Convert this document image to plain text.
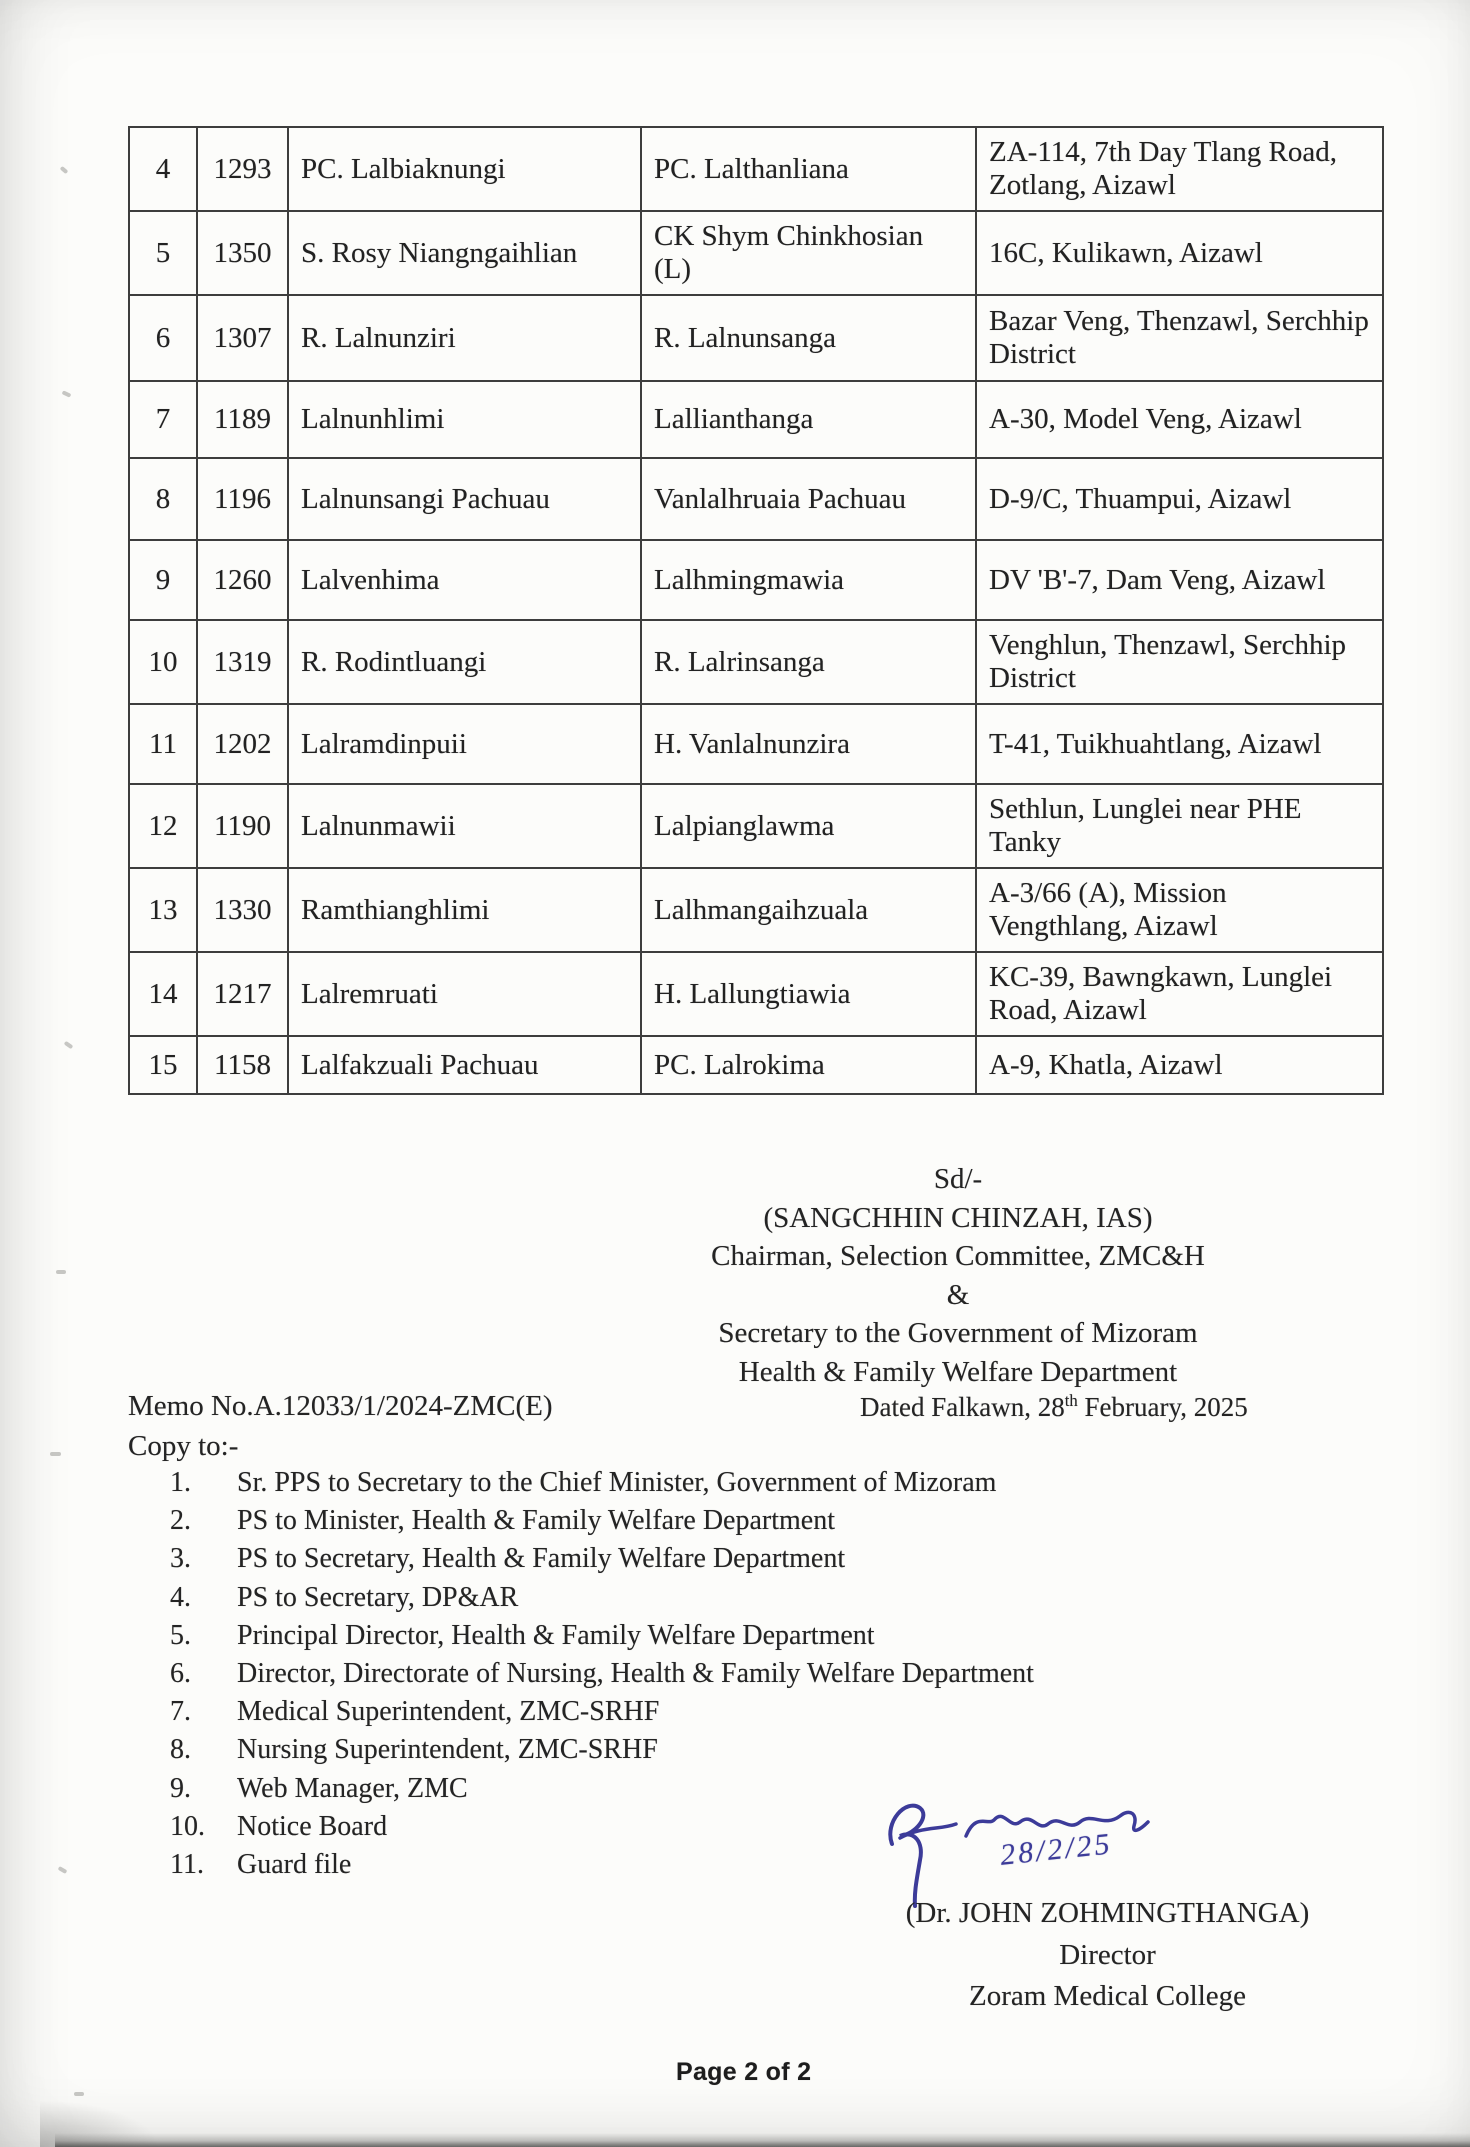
4	1293	PC. Lalbiaknungi	PC. Lalthanliana	ZA-114, 7th Day Tlang Road, Zotlang, Aizawl
5	1350	S. Rosy Niangngaihlian	CK Shym Chinkhosian (L)	16C, Kulikawn, Aizawl
6	1307	R. Lalnunziri	R. Lalnunsanga	Bazar Veng, Thenzawl, Serchhip District
7	1189	Lalnunhlimi	Lallianthanga	A-30, Model Veng, Aizawl
8	1196	Lalnunsangi Pachuau	Vanlalhruaia Pachuau	D-9/C, Thuampui, Aizawl
9	1260	Lalvenhima	Lalhmingmawia	DV 'B'-7, Dam Veng, Aizawl
10	1319	R. Rodintluangi	R. Lalrinsanga	Venghlun, Thenzawl, Serchhip District
11	1202	Lalramdinpuii	H. Vanlalnunzira	T-41, Tuikhuahtlang, Aizawl
12	1190	Lalnunmawii	Lalpianglawma	Sethlun, Lunglei near PHE Tanky
13	1330	Ramthianghlimi	Lalhmangaihzuala	A-3/66 (A), Mission Vengthlang, Aizawl
14	1217	Lalremruati	H. Lallungtiawia	KC-39, Bawngkawn, Lunglei Road, Aizawl
15	1158	Lalfakzuali Pachuau	PC. Lalrokima	A-9, Khatla, Aizawl
Sd/-
(SANGCHHIN CHINZAH, IAS)
Chairman, Selection Committee, ZMC&H
&
Secretary to the Government of Mizoram
Health & Family Welfare Department
Memo No.A.12033/1/2024-ZMC(E)	Dated Falkawn, 28th February, 2025
Copy to:-
1. Sr. PPS to Secretary to the Chief Minister, Government of Mizoram
2. PS to Minister, Health & Family Welfare Department
3. PS to Secretary, Health & Family Welfare Department
4. PS to Secretary, DP&AR
5. Principal Director, Health & Family Welfare Department
6. Director, Directorate of Nursing, Health & Family Welfare Department
7. Medical Superintendent, ZMC-SRHF
8. Nursing Superintendent, ZMC-SRHF
9. Web Manager, ZMC
10. Notice Board
11. Guard file	28/2/25
(Dr. JOHN ZOHMINGTHANGA)
Director
Zoram Medical College
Page 2 of 2
